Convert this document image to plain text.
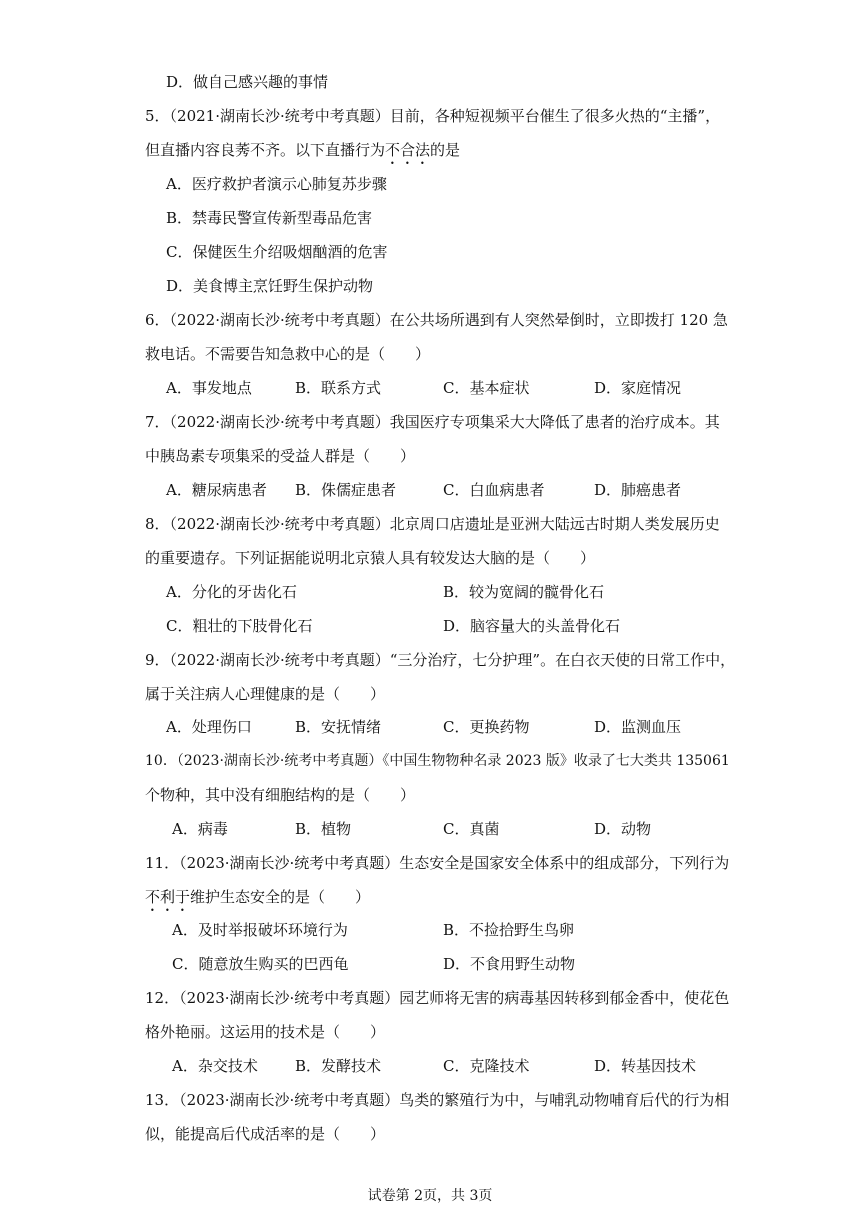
D．做自己感兴趣的事情
5．（2021·湖南长沙·统考中考真题）目前，各种短视频平台催生了很多火热的“主播”，
但直播内容良莠不齐。以下直播行为不合法的是
A．医疗救护者演示心肺复苏步骤
B．禁毒民警宣传新型毒品危害
C．保健医生介绍吸烟酗酒的危害
D．美食博主烹饪野生保护动物
6．（2022·湖南长沙·统考中考真题）在公共场所遇到有人突然晕倒时，立即拨打 120 急
救电话。不需要告知急救中心的是（　　）
A．事发地点	B．联系方式	C．基本症状	D．家庭情况
7．（2022·湖南长沙·统考中考真题）我国医疗专项集采大大降低了患者的治疗成本。其
中胰岛素专项集采的受益人群是（　　）
A．糖尿病患者 B．侏儒症患者	C．白血病患者	D．肺癌患者
8．（2022·湖南长沙·统考中考真题）北京周口店遗址是亚洲大陆远古时期人类发展历史
的重要遗存。下列证据能说明北京猿人具有较发达大脑的是（　　）
A．分化的牙齿化石	B．较为宽阔的髋骨化石
C．粗壮的下肢骨化石	D．脑容量大的头盖骨化石
9．（2022·湖南长沙·统考中考真题）“三分治疗，七分护理”。在白衣天使的日常工作中，
属于关注病人心理健康的是（　　）
A．处理伤口	B．安抚情绪	C．更换药物	D．监测血压
10．（2023·湖南长沙·统考中考真题）《中国生物物种名录 2023 版》收录了七大类共 135061
个物种，其中没有细胞结构的是（　　）
A．病毒	B．植物	C．真菌	D．动物
11．（2023·湖南长沙·统考中考真题）生态安全是国家安全体系中的组成部分，下列行为
不利于维护生态安全的是（　　）
A．及时举报破坏环境行为	B．不捡拾野生鸟卵
C．随意放生购买的巴西龟	D．不食用野生动物
12．（2023·湖南长沙·统考中考真题）园艺师将无害的病毒基因转移到郁金香中，使花色
格外艳丽。这运用的技术是（　　）
A．杂交技术 B．发酵技术	C．克隆技术	D．转基因技术
13．（2023·湖南长沙·统考中考真题）鸟类的繁殖行为中，与哺乳动物哺育后代的行为相
似，能提高后代成活率的是（　　）
试卷第 2页，共 3页
